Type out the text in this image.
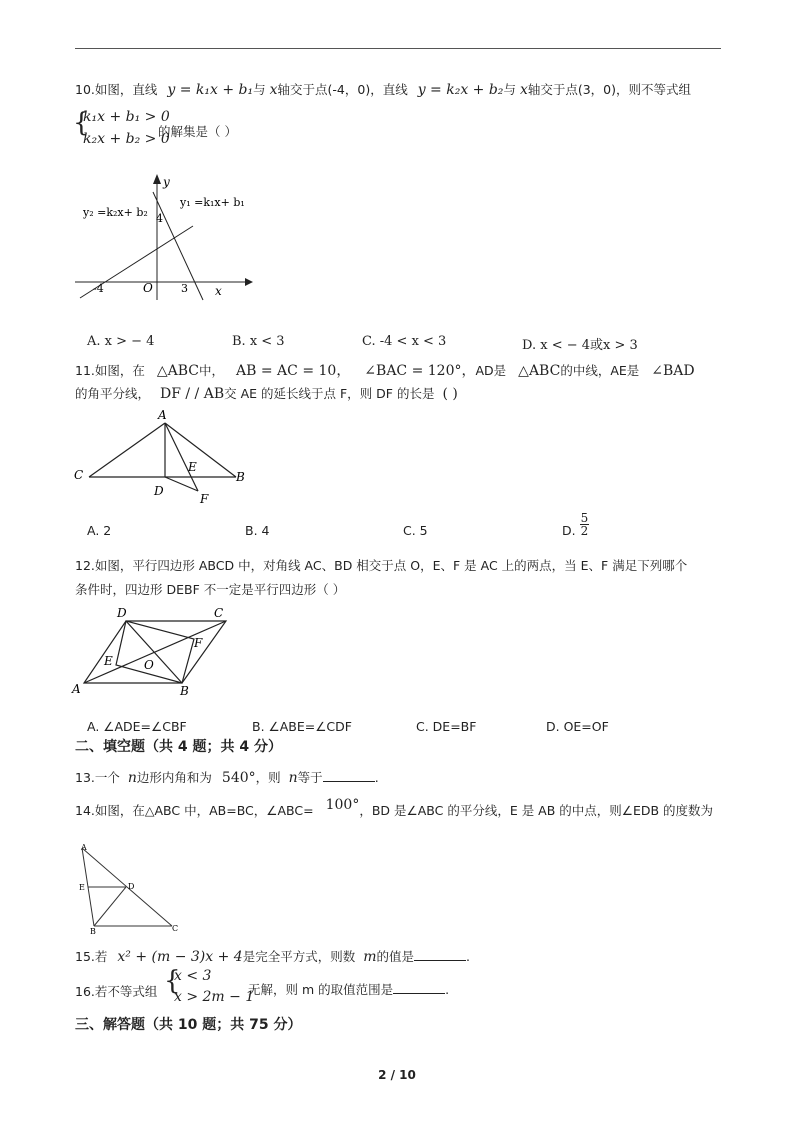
10.如图，直线 y = k₁x + b₁与 x轴交于点(-4，0)，直线 y = k₂x + b₂与 x轴交于点(3，0)，则不等式组
{
k₁x + b₁ > 0
k₂x + b₂ > 0
的解集是（ ）
y
x
O
-4	3
4
y₂ =k₂x+ b₂
y₁ =k₁x+ b₁
A. x > − 4	B. x < 3	C. -4 < x < 3	D. x < − 4或x > 3
11.如图，在 △ABC中， AB = AC = 10， ∠BAC = 120°，AD是 △ABC的中线，AE是 ∠BAD
的角平分线， DF / / AB交 AE 的延长线于点 F，则 DF 的长是 ( )
A
C	B
D
E
F
A. 2	B. 4	C. 5	D. $\frac{5}{2}$
12.如图，平行四边形 ABCD 中，对角线 AC、BD 相交于点 O，E、F 是 AC 上的两点，当 E、F 满足下列哪个
条件时，四边形 DEBF 不一定是平行四边形（ ）
D	C
A	B
E
F
O
A. ∠ADE=∠CBF	B. ∠ABE=∠CDF	C. DE=BF	D. OE=OF
二、填空题（共 4 题；共 4 分）
13.一个 n边形内角和为 540°，则 n等于	.
14.如图，在△ABC 中，AB=BC，∠ABC= 100°，BD 是∠ABC 的平分线，E 是 AB 的中点，则∠EDB 的度数为
A
E	D
B	C
15.若 x² + (m − 3)x + 4是完全平方式，则数 m的值是	.
16.若不等式组 {
x < 3
x > 2m − 1
无解，则 m 的取值范围是	.
三、解答题（共 10 题；共 75 分）
2 / 10
